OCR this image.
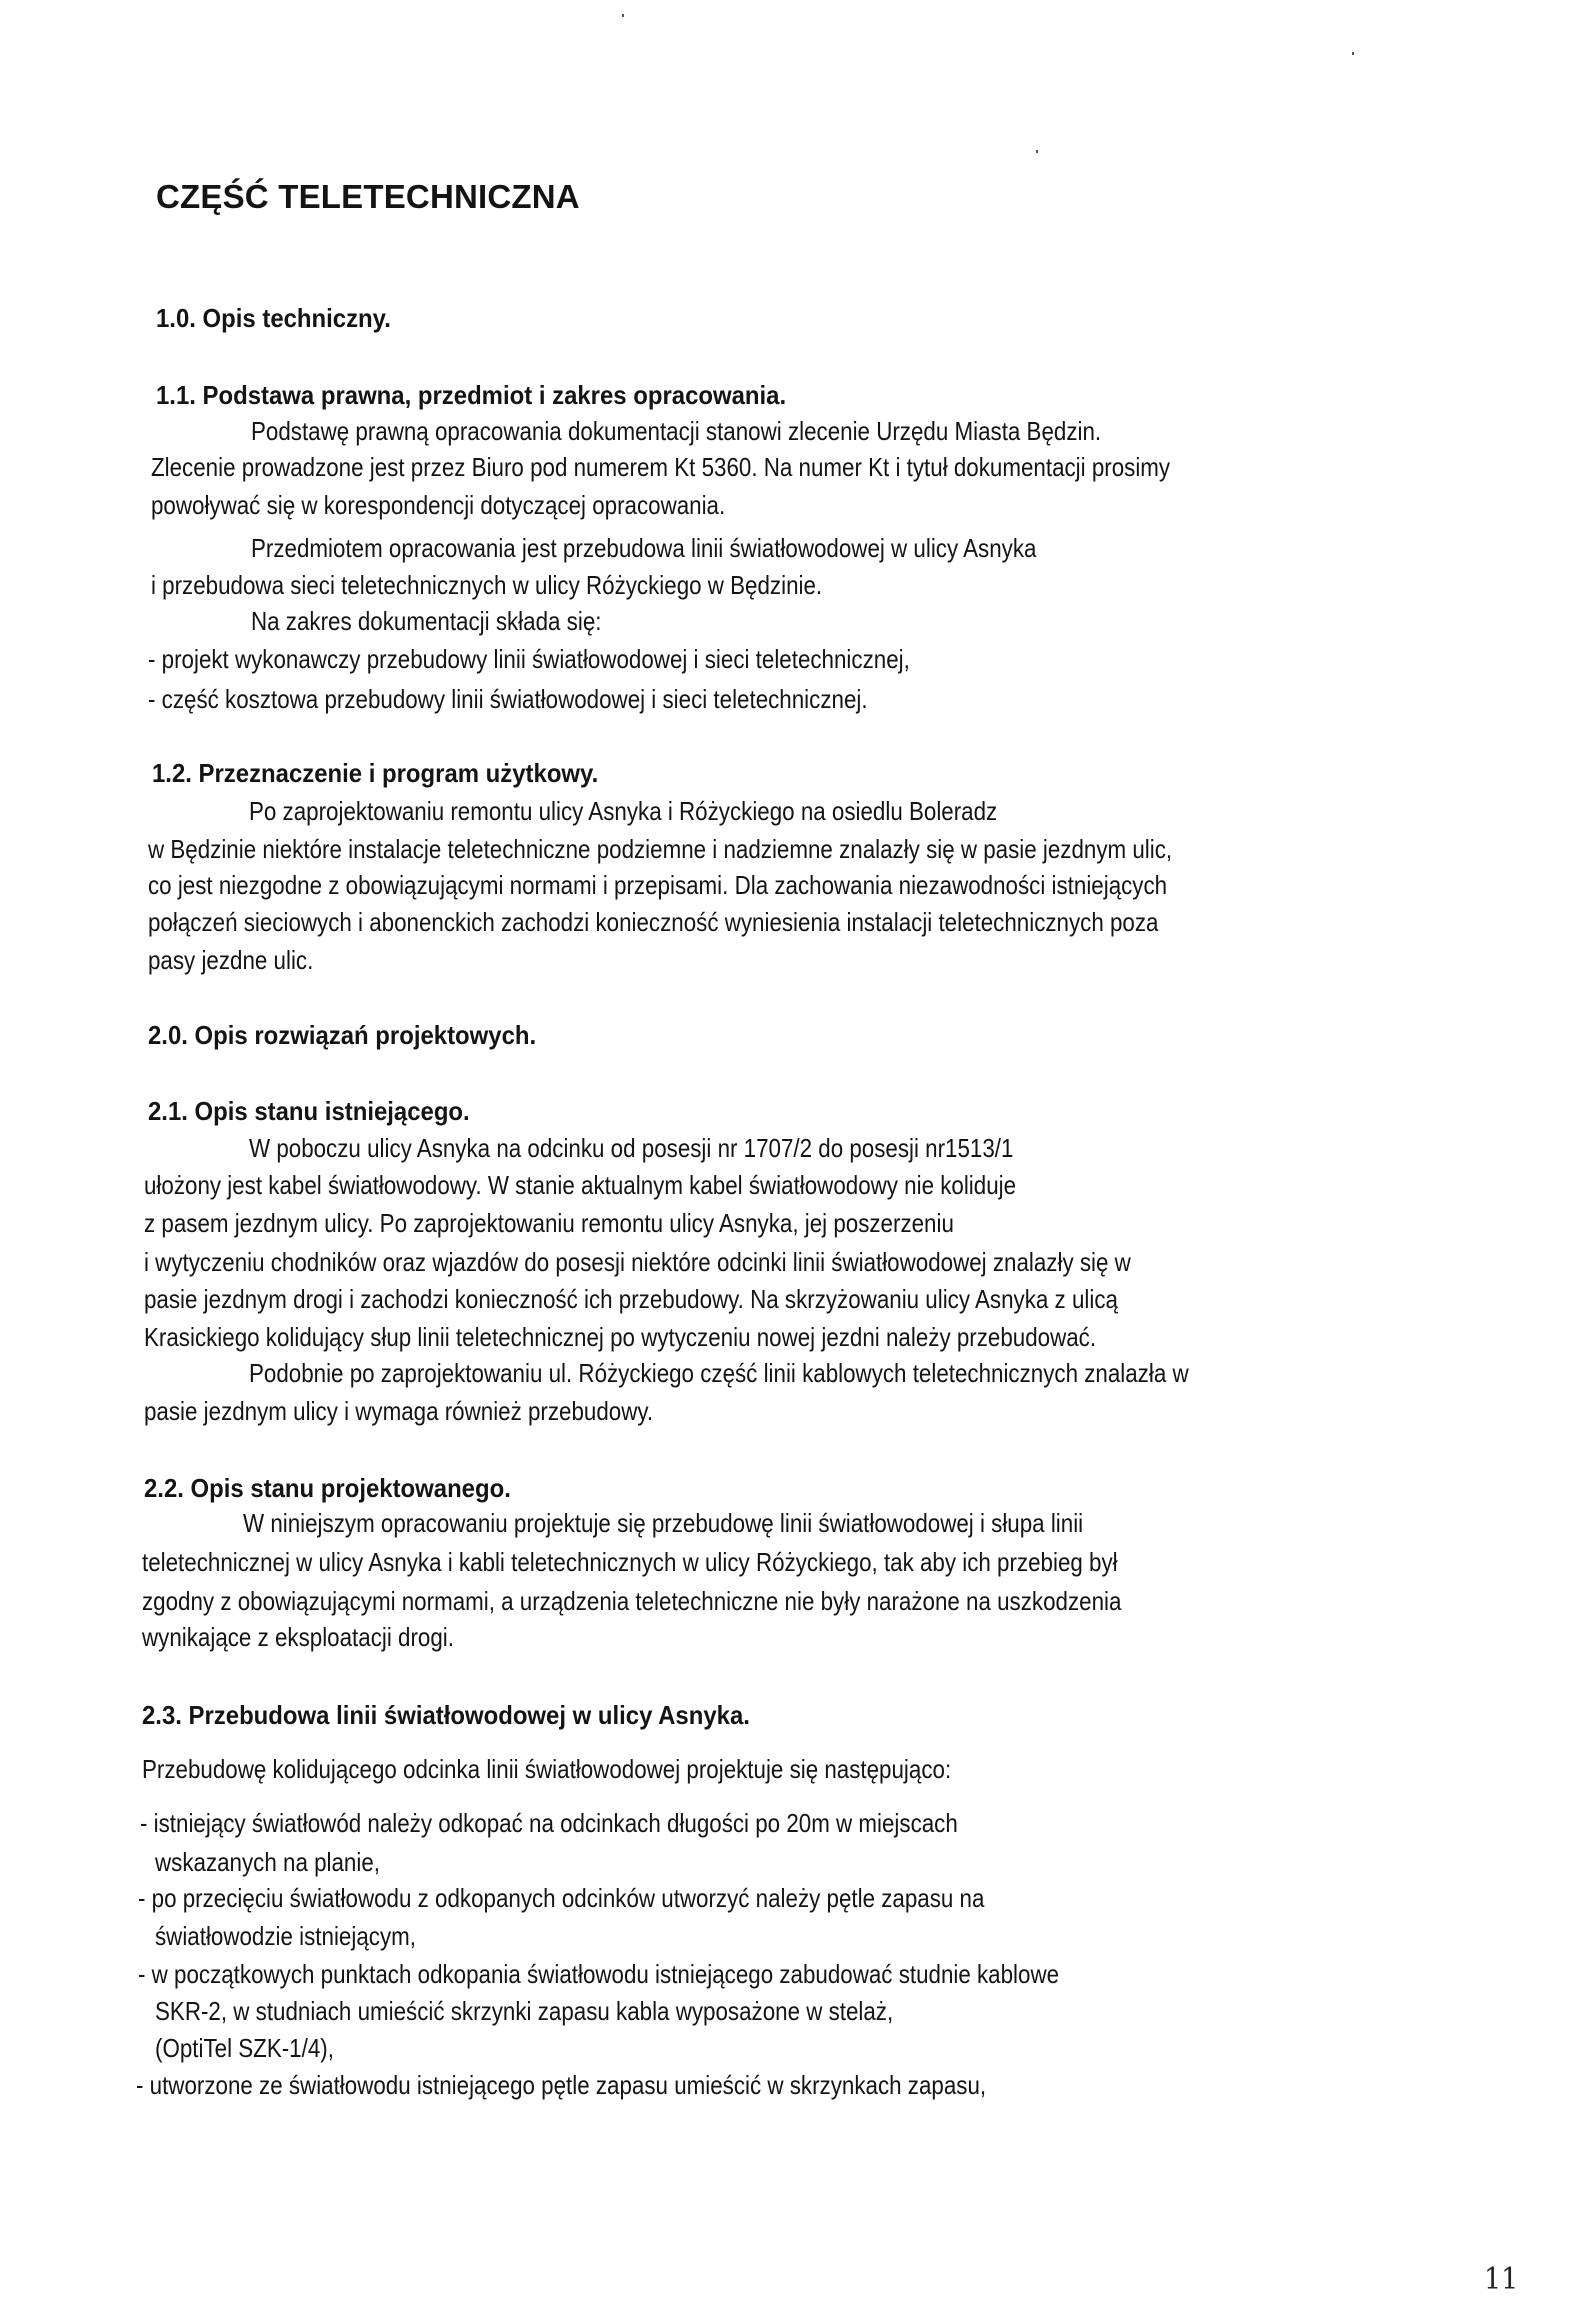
CZĘŚĆ TELETECHNICZNA
1.0. Opis techniczny.
1.1. Podstawa prawna, przedmiot i zakres opracowania.
Podstawę prawną opracowania dokumentacji stanowi zlecenie Urzędu Miasta Będzin.
Zlecenie prowadzone jest przez Biuro pod numerem Kt 5360. Na numer Kt i tytuł dokumentacji prosimy
powoływać się w korespondencji dotyczącej opracowania.
Przedmiotem opracowania jest przebudowa linii światłowodowej w ulicy Asnyka
i przebudowa sieci teletechnicznych w ulicy Różyckiego w Będzinie.
Na zakres dokumentacji składa się:
- projekt wykonawczy przebudowy linii światłowodowej i sieci teletechnicznej,
- część kosztowa przebudowy linii światłowodowej i sieci teletechnicznej.
1.2. Przeznaczenie i program użytkowy.
Po zaprojektowaniu remontu ulicy Asnyka i Różyckiego na osiedlu Boleradz
w Będzinie niektóre instalacje teletechniczne podziemne i nadziemne znalazły się w pasie jezdnym ulic,
co jest niezgodne z obowiązującymi normami i przepisami. Dla zachowania niezawodności istniejących
połączeń sieciowych i abonenckich zachodzi konieczność wyniesienia instalacji teletechnicznych poza
pasy jezdne ulic.
2.0. Opis rozwiązań projektowych.
2.1. Opis stanu istniejącego.
W poboczu ulicy Asnyka na odcinku od posesji nr 1707/2 do posesji nr1513/1
ułożony jest kabel światłowodowy. W stanie aktualnym kabel światłowodowy nie koliduje
z pasem jezdnym ulicy. Po zaprojektowaniu remontu ulicy Asnyka, jej poszerzeniu
i wytyczeniu chodników oraz wjazdów do posesji niektóre odcinki linii światłowodowej znalazły się w
pasie jezdnym drogi i zachodzi konieczność ich przebudowy. Na skrzyżowaniu ulicy Asnyka z ulicą
Krasickiego kolidujący słup linii teletechnicznej po wytyczeniu nowej jezdni należy przebudować.
Podobnie po zaprojektowaniu ul. Różyckiego część linii kablowych teletechnicznych znalazła w
pasie jezdnym ulicy i wymaga również przebudowy.
2.2. Opis stanu projektowanego.
W niniejszym opracowaniu projektuje się przebudowę linii światłowodowej i słupa linii
teletechnicznej w ulicy Asnyka i kabli teletechnicznych w ulicy Różyckiego, tak aby ich przebieg był
zgodny z obowiązującymi normami, a urządzenia teletechniczne nie były narażone na uszkodzenia
wynikające z eksploatacji drogi.
2.3. Przebudowa linii światłowodowej w ulicy Asnyka.
Przebudowę kolidującego odcinka linii światłowodowej projektuje się następująco:
- istniejący światłowód należy odkopać na odcinkach długości po 20m w miejscach
wskazanych na planie,
- po przecięciu światłowodu z odkopanych odcinków utworzyć należy pętle zapasu na
światłowodzie istniejącym,
- w początkowych punktach odkopania światłowodu istniejącego zabudować studnie kablowe
SKR-2, w studniach umieścić skrzynki zapasu kabla wyposażone w stelaż,
(OptiTel SZK-1/4),
- utworzone ze światłowodu istniejącego pętle zapasu umieścić w skrzynkach zapasu,
11
